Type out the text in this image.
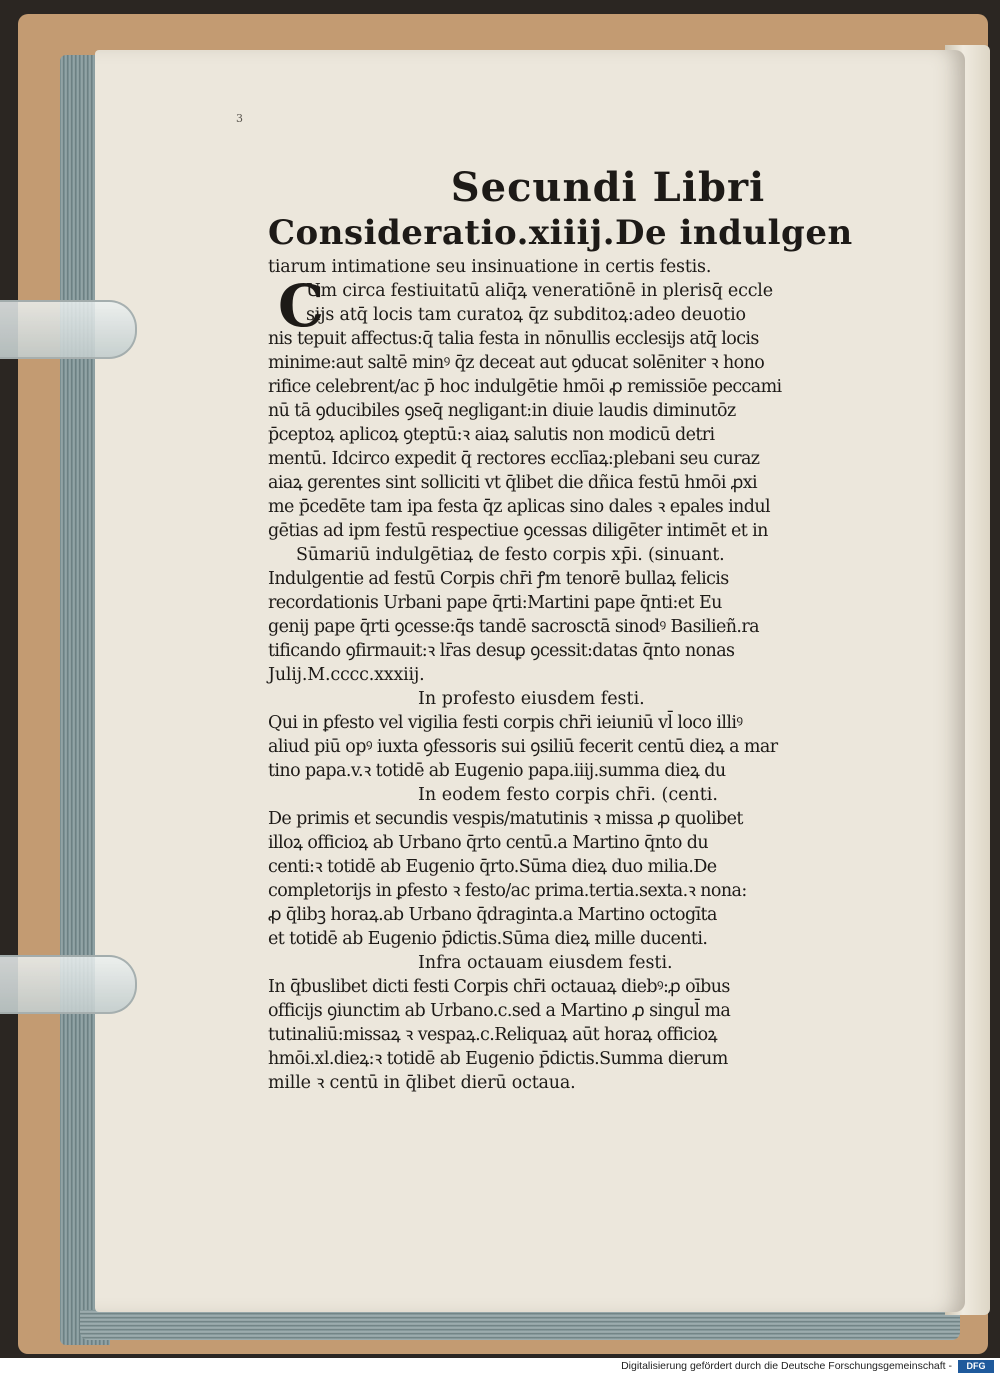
3
Secundi Libri
Consideratio.xiiij.De indulgen
tiarum intimatione seu insinuatione in certis festis.
Um circa festiuitatū aliq̄ꝝ veneratiōnē in plerisq̄ eccle
sijs atq̄ locis tam curatoꝝ q̄z subditoꝝ:adeo deuotio
nis tepuit affectus:q̄ talia festa in nōnullis ecclesijs atq̄ locis
minime:aut saltē minꝰ q̄z deceat aut ꝯducat solēniter ꝛ hono
rifice celebrent/ac p̄ hoc indulgētie hmōi ꝓ remissiōe peccami
nū tā ꝯducibiles ꝯseq̄ negligant:in diuie laudis diminutōz
p̄ceptoꝝ aplicoꝝ ꝯteptū:ꝛ aiaꝝ salutis non modicū detri
mentū. Idcirco expedit q̄ rectores ecclīaꝝ:plebani seu curaz
aiaꝝ gerentes sint solliciti vt q̄libet die dñica festū hmōi ꝓxi
me p̄cedēte tam ipa festa q̄z aplicas sino dales ꝛ epales indul
gētias ad ipm festū respectiue ꝯcessas diligēter intimēt et in
Sūmariū indulgētiaꝝ de festo corpis xp̄i. (sinuant.
Indulgentie ad festū Corpis chr̄i ꝭm tenorē bullaꝝ felicis
recordationis Urbani pape q̄rti:Martini pape q̄nti:et Eu
genij pape q̄rti ꝯcesse:q̄s tandē sacrosctā sinodꝰ Basilieñ.ra
tificando ꝯfirmauit:ꝛ lr̄as desuꝑ ꝯcessit:datas q̄nto nonas
Julij.M.cccc.xxxiij.
In profesto eiusdem festi.
Qui in ꝑfesto vel vigilia festi corpis chr̄i ieiuniū vl̄ loco illiꝰ
aliud piū opꝰ iuxta ꝯfessoris sui ꝯsiliū fecerit centū dieꝝ a mar
tino papa.v.ꝛ totidē ab Eugenio papa.iiij.summa dieꝝ du
In eodem festo corpis chr̄i. (centi.
De primis et secundis vespis/matutinis ꝛ missa ꝓ quolibet
illoꝝ officioꝝ ab Urbano q̄rto centū.a Martino q̄nto du
centi:ꝛ totidē ab Eugenio q̄rto.Sūma dieꝝ duo milia.De
completorijs in ꝑfesto ꝛ festo/ac prima.tertia.sexta.ꝛ nona:
ꝓ q̄libꝫ horaꝝ.ab Urbano q̄draginta.a Martino octogīta
et totidē ab Eugenio p̄dictis.Sūma dieꝝ mille ducenti.
Infra octauam eiusdem festi.
In q̄buslibet dicti festi Corpis chr̄i octauaꝝ diebꝰ:ꝓ oībus
officijs ꝯiunctim ab Urbano.c.sed a Martino ꝓ singul̄ ma
tutinaliū:missaꝝ ꝛ vespaꝝ.c.Reliquaꝝ aūt horaꝝ officioꝝ
hmōi.xl.dieꝝ:ꝛ totidē ab Eugenio p̄dictis.Summa dierum
mille ꝛ centū in q̄libet dierū octaua.
C
Digitalisierung gefördert durch die Deutsche Forschungsgemeinschaft -	DFG
